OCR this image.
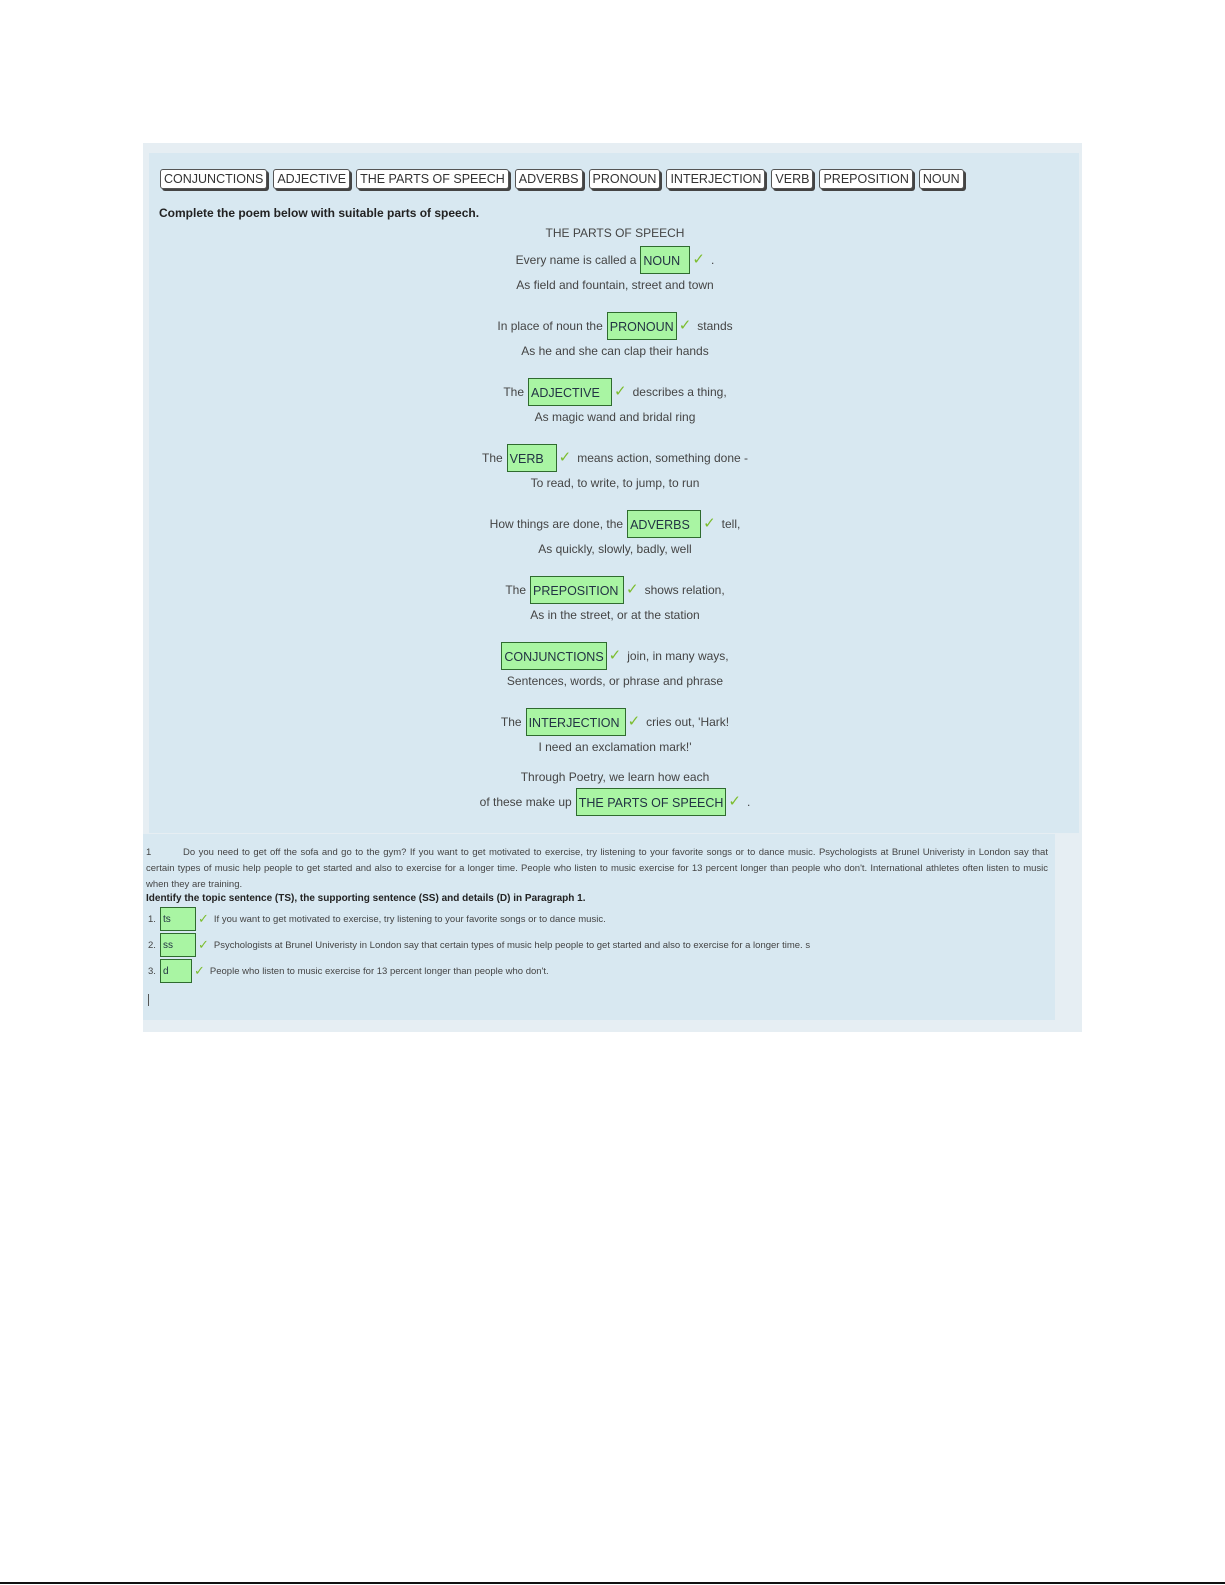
CONJUNCTIONS	ADJECTIVE	THE PARTS OF SPEECH	ADVERBS	PRONOUN	INTERJECTION	VERB	PREPOSITION	NOUN
Complete the poem below with suitable parts of speech.
THE PARTS OF SPEECH
Every name is called a NOUN ✓ .
As field and fountain, street and town
In place of noun the PRONOUN ✓ stands
As he and she can clap their hands
The ADJECTIVE ✓ describes a thing,
As magic wand and bridal ring
The VERB ✓ means action, something done -
To read, to write, to jump, to run
How things are done, the ADVERBS ✓ tell,
As quickly, slowly, badly, well
The PREPOSITION ✓ shows relation,
As in the street, or at the station
CONJUNCTIONS ✓ join, in many ways,
Sentences, words, or phrase and phrase
The INTERJECTION ✓ cries out, 'Hark!
I need an exclamation mark!'
Through Poetry, we learn how each
of these make up THE PARTS OF SPEECH ✓ .
1	Do you need to get off the sofa and go to the gym? If you want to get motivated to exercise, try listening to your favorite songs or to dance music. Psychologists at Brunel Univeristy in London say that certain types of music help people to get started and also to exercise for a longer time. People who listen to music exercise for 13 percent longer than people who don't. International athletes often listen to music when they are training.
Identify the topic sentence (TS), the supporting sentence (SS) and details (D) in Paragraph 1.
1. ts	✓ If you want to get motivated to exercise, try listening to your favorite songs or to dance music.
2. ss	✓ Psychologists at Brunel Univeristy in London say that certain types of music help people to get started and also to exercise for a longer time. s
3. d	✓ People who listen to music exercise for 13 percent longer than people who don't.
